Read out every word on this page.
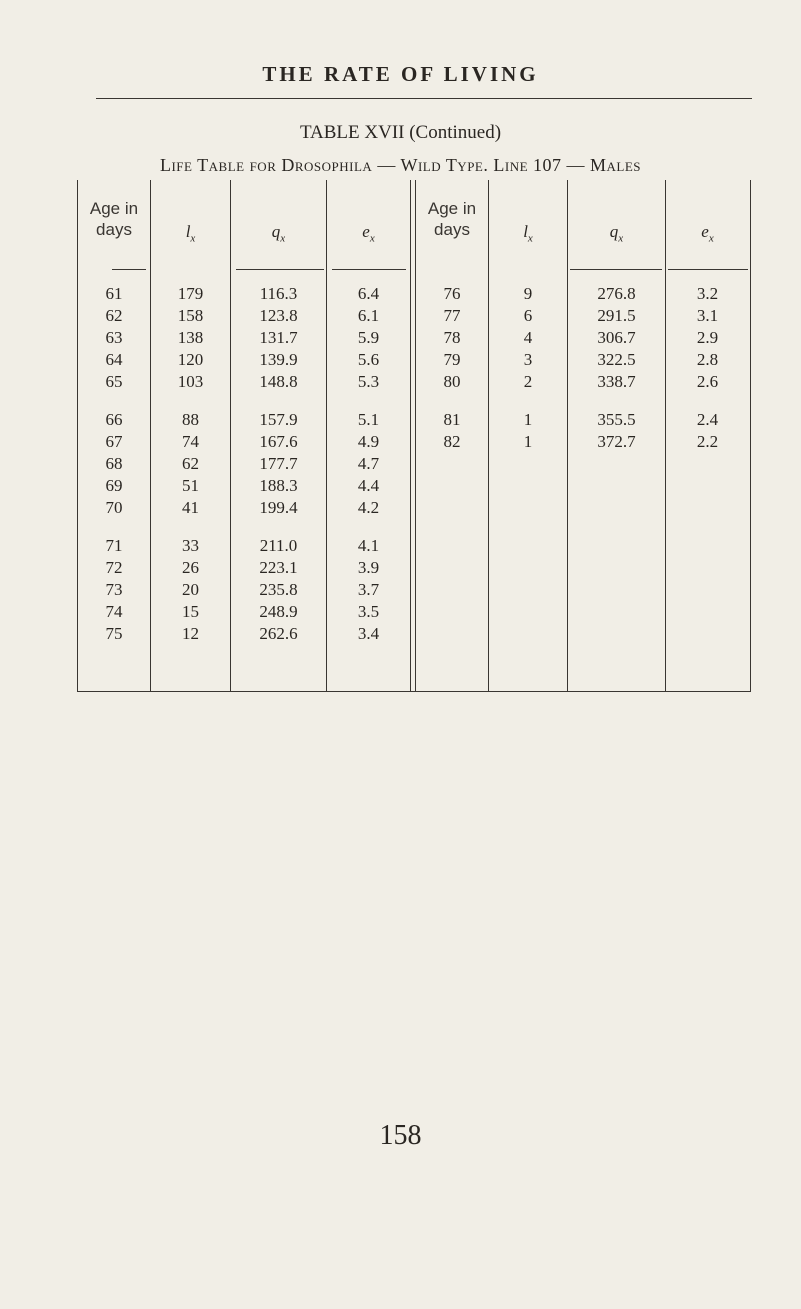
THE RATE OF LIVING
TABLE XVII (Continued)
Life Table for Drosophila — Wild Type. Line 107 — Males
Age in days	$l_x$	$q_x$	$e_x$
Age in days	$l_x$	$q_x$	$e_x$
61	179	116.3	6.4
62	158	123.8	6.1
63	138	131.7	5.9
64	120	139.9	5.6
65	103	148.8	5.3
66	88	157.9	5.1
67	74	167.6	4.9
68	62	177.7	4.7
69	51	188.3	4.4
70	41	199.4	4.2
71	33	211.0	4.1
72	26	223.1	3.9
73	20	235.8	3.7
74	15	248.9	3.5
75	12	262.6	3.4
76	9	276.8	3.2
77	6	291.5	3.1
78	4	306.7	2.9
79	3	322.5	2.8
80	2	338.7	2.6
81	1	355.5	2.4
82	1	372.7	2.2
158
